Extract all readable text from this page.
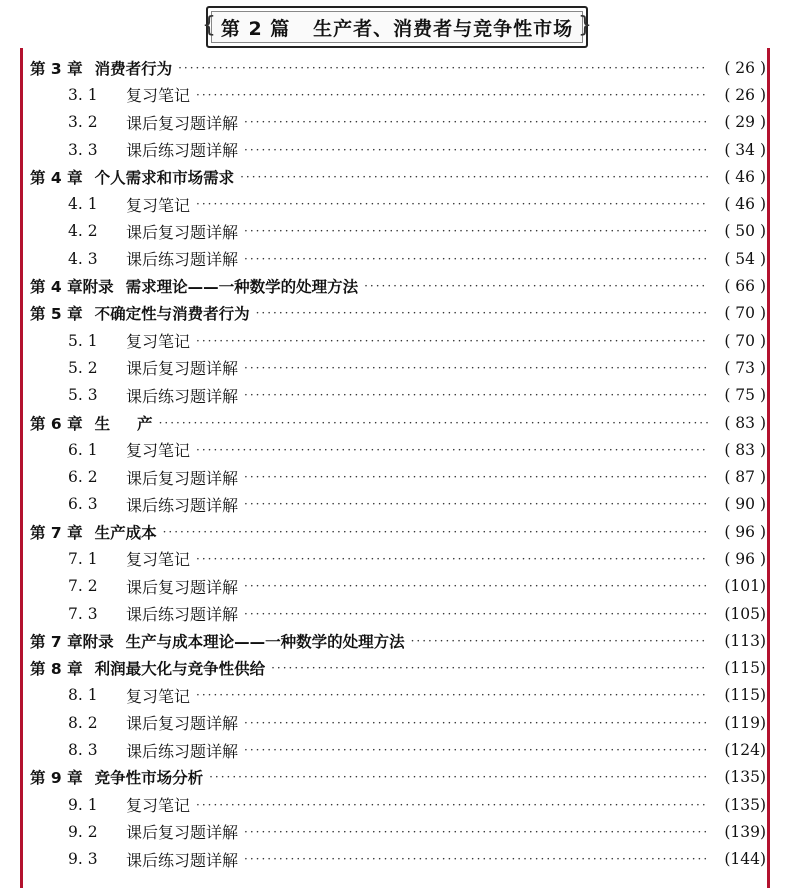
{ 第 2 篇   生产者、消费者与竞争性市场 }
第 3 章 消费者行为 ·····	( 26 )
3. 1	复习笔记 ·····	( 26 )
3. 2	课后复习题详解 ·····	( 29 )
3. 3	课后练习题详解 ·····	( 34 )
第 4 章 个人需求和市场需求 ·····	( 46 )
4. 1	复习笔记 ·····	( 46 )
4. 2	课后复习题详解 ·····	( 50 )
4. 3	课后练习题详解 ·····	( 54 )
第 4 章附录 需求理论——一种数学的处理方法 ·····	( 66 )
第 5 章 不确定性与消费者行为 ·····	( 70 )
5. 1	复习笔记 ·····	( 70 )
5. 2	课后复习题详解 ·····	( 73 )
5. 3	课后练习题详解 ·····	( 75 )
第 6 章 生     产 ·····	( 83 )
6. 1	复习笔记 ·····	( 83 )
6. 2	课后复习题详解 ·····	( 87 )
6. 3	课后练习题详解 ·····	( 90 )
第 7 章 生产成本 ·····	( 96 )
7. 1	复习笔记 ·····	( 96 )
7. 2	课后复习题详解 ·····	(101)
7. 3	课后练习题详解 ·····	(105)
第 7 章附录 生产与成本理论——一种数学的处理方法 ·····	(113)
第 8 章 利润最大化与竞争性供给 ·····	(115)
8. 1	复习笔记 ·····	(115)
8. 2	课后复习题详解 ·····	(119)
8. 3	课后练习题详解 ·····	(124)
第 9 章 竞争性市场分析 ·····	(135)
9. 1	复习笔记 ·····	(135)
9. 2	课后复习题详解 ·····	(139)
9. 3	课后练习题详解 ·····	(144)
